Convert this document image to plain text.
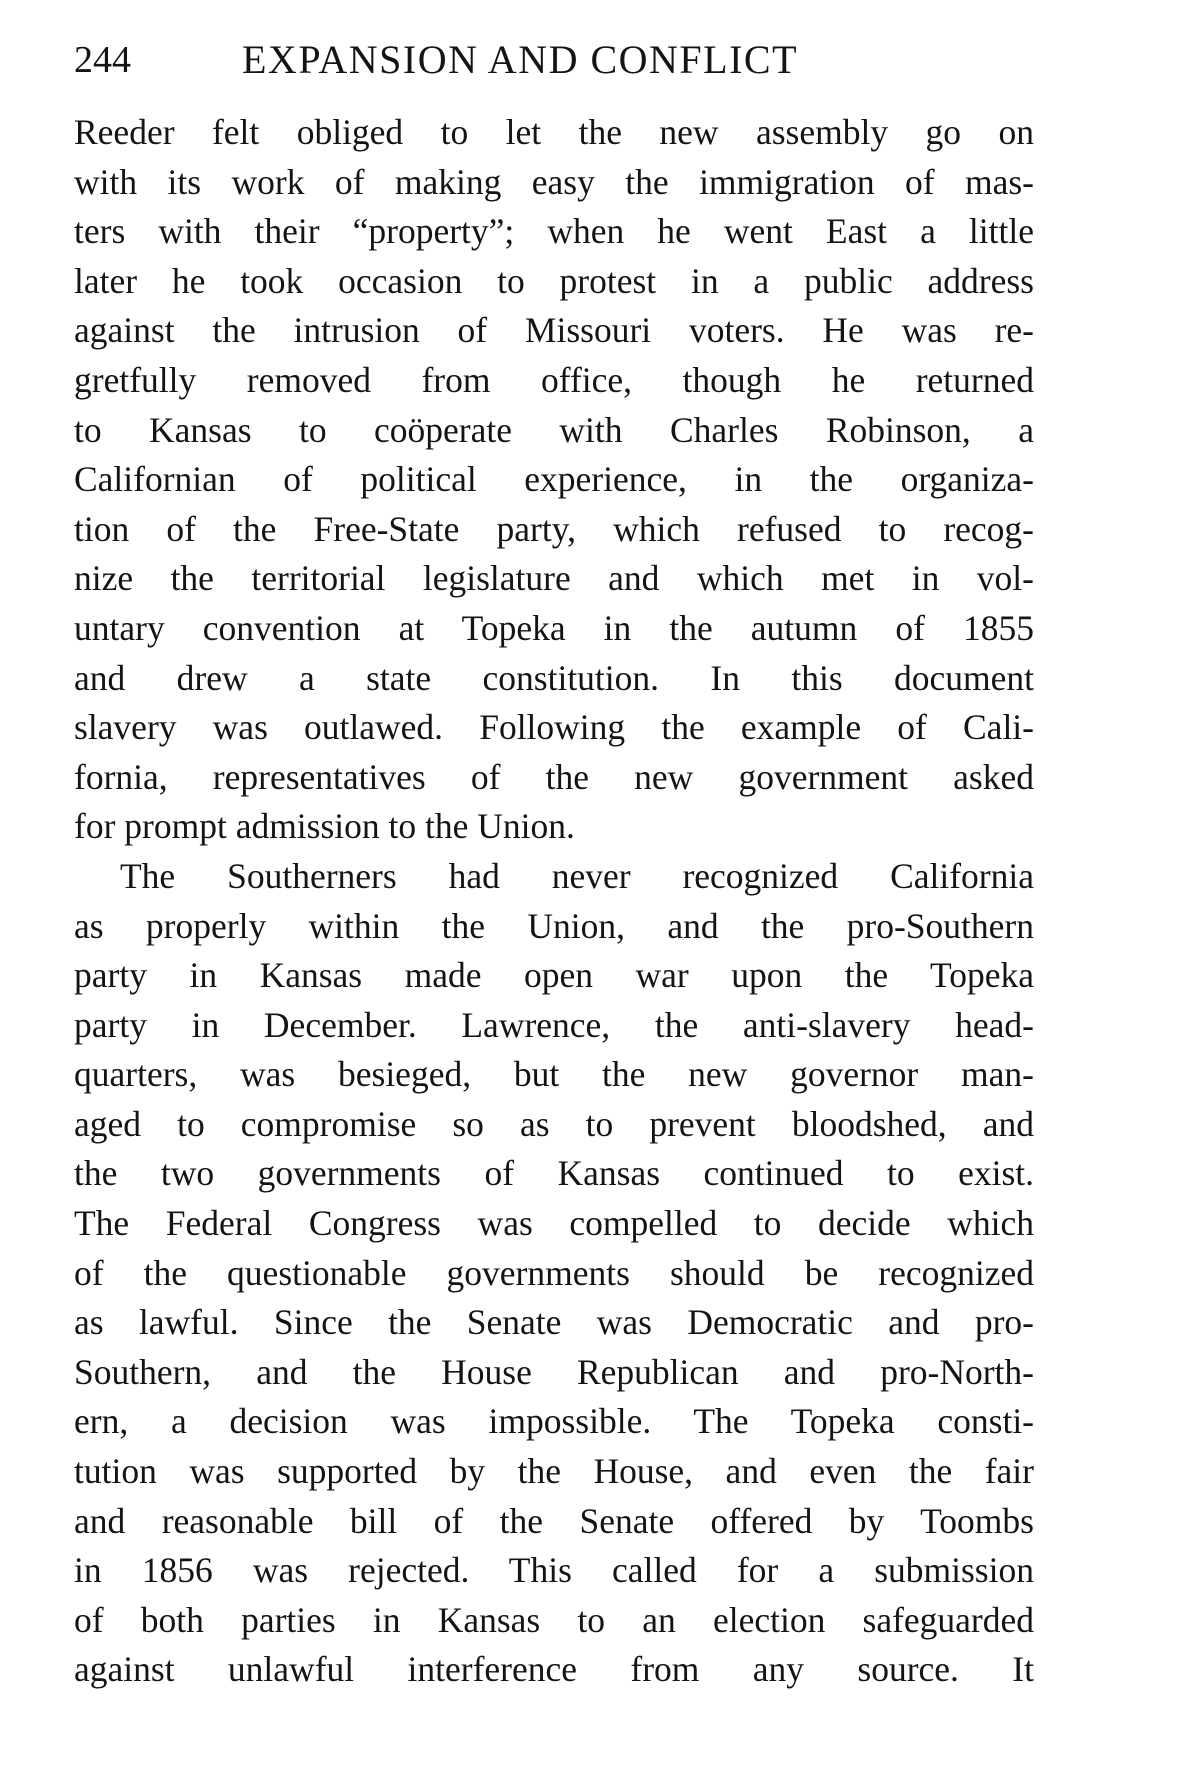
244	EXPANSION AND CONFLICT
Reeder felt obliged to let the new assembly go on
with its work of making easy the immigration of mas-
ters with their “property”; when he went East a little
later he took occasion to protest in a public address
against the intrusion of Missouri voters. He was re-
gretfully removed from office, though he returned
to Kansas to coöperate with Charles Robinson, a
Californian of political experience, in the organiza-
tion of the Free-State party, which refused to recog-
nize the territorial legislature and which met in vol-
untary convention at Topeka in the autumn of 1855
and drew a state constitution. In this document
slavery was outlawed. Following the example of Cali-
fornia, representatives of the new government asked
for prompt admission to the Union.
The Southerners had never recognized California
as properly within the Union, and the pro-Southern
party in Kansas made open war upon the Topeka
party in December. Lawrence, the anti-slavery head-
quarters, was besieged, but the new governor man-
aged to compromise so as to prevent bloodshed, and
the two governments of Kansas continued to exist.
The Federal Congress was compelled to decide which
of the questionable governments should be recognized
as lawful. Since the Senate was Democratic and pro-
Southern, and the House Republican and pro-North-
ern, a decision was impossible. The Topeka consti-
tution was supported by the House, and even the fair
and reasonable bill of the Senate offered by Toombs
in 1856 was rejected. This called for a submission
of both parties in Kansas to an election safeguarded
against unlawful interference from any source. It
